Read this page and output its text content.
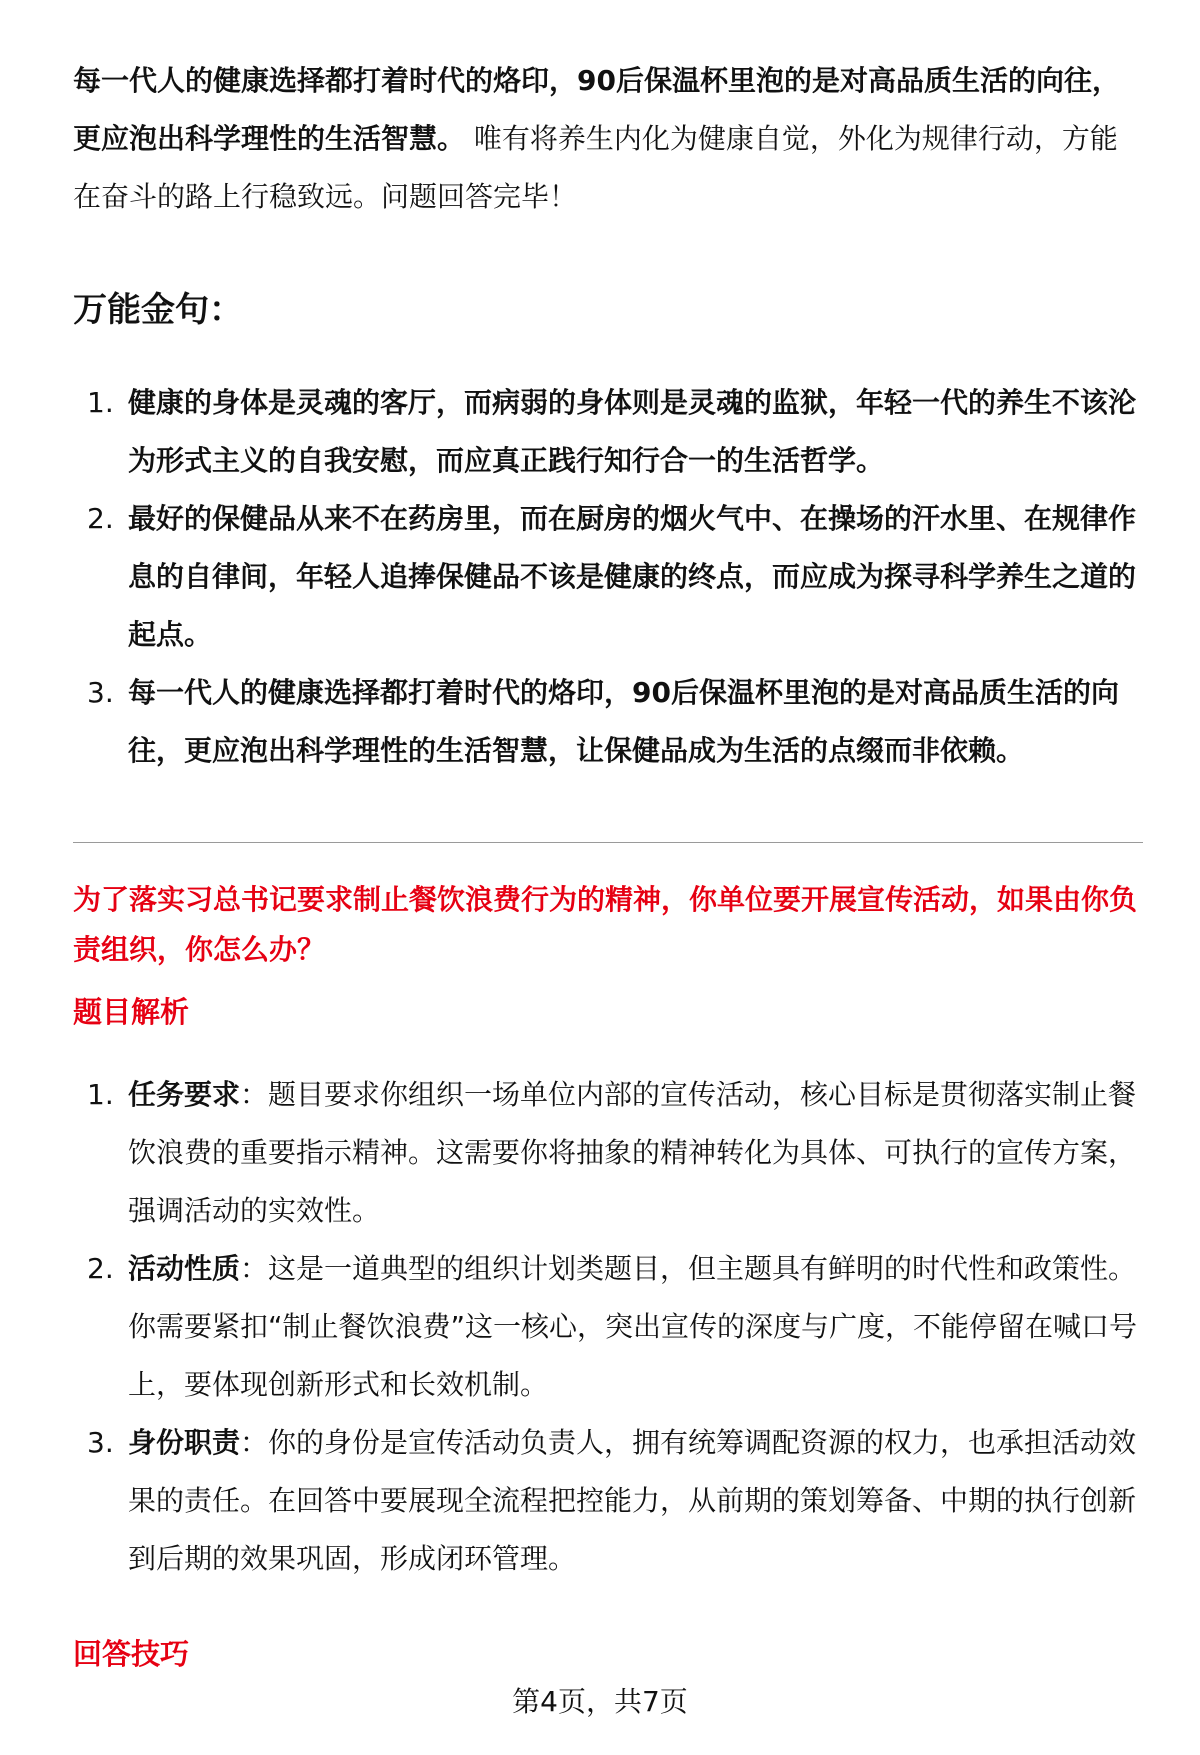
每一代人的健康选择都打着时代的烙印，90后保温杯里泡的是对高品质生活的向往，更应泡出科学理性的生活智慧。 唯有将养生内化为健康自觉，外化为规律行动，方能在奋斗的路上行稳致远。问题回答完毕！

万能金句：

1. 健康的身体是灵魂的客厅，而病弱的身体则是灵魂的监狱，年轻一代的养生不该沦为形式主义的自我安慰，而应真正践行知行合一的生活哲学。
2. 最好的保健品从来不在药房里，而在厨房的烟火气中、在操场的汗水里、在规律作息的自律间，年轻人追捧保健品不该是健康的终点，而应成为探寻科学养生之道的起点。
3. 每一代人的健康选择都打着时代的烙印，90后保温杯里泡的是对高品质生活的向往，更应泡出科学理性的生活智慧，让保健品成为生活的点缀而非依赖。

为了落实习总书记要求制止餐饮浪费行为的精神，你单位要开展宣传活动，如果由你负责组织，你怎么办？

题目解析

1. 任务要求：题目要求你组织一场单位内部的宣传活动，核心目标是贯彻落实制止餐饮浪费的重要指示精神。这需要你将抽象的精神转化为具体、可执行的宣传方案，强调活动的实效性。
2. 活动性质：这是一道典型的组织计划类题目，但主题具有鲜明的时代性和政策性。你需要紧扣“制止餐饮浪费”这一核心，突出宣传的深度与广度，不能停留在喊口号上，要体现创新形式和长效机制。
3. 身份职责：你的身份是宣传活动负责人，拥有统筹调配资源的权力，也承担活动效果的责任。在回答中要展现全流程把控能力，从前期的策划筹备、中期的执行创新到后期的效果巩固，形成闭环管理。

回答技巧

第4页，共7页
